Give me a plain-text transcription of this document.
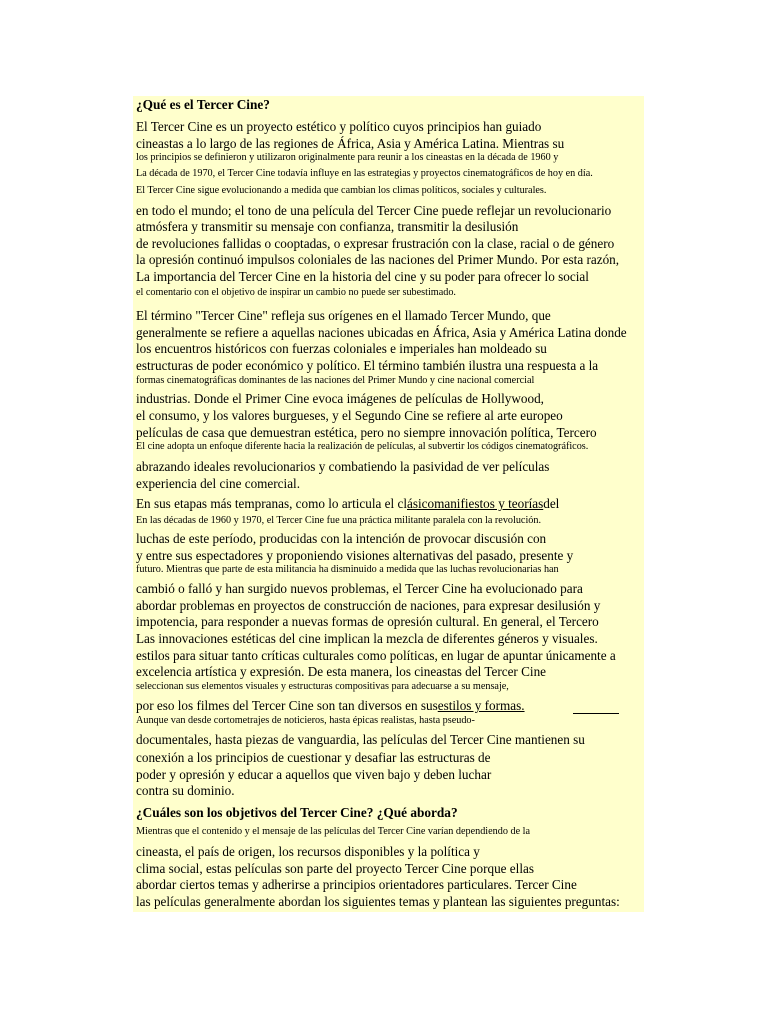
¿Qué es el Tercer Cine?
El Tercer Cine es un proyecto estético y político cuyos principios han guiado
cineastas a lo largo de las regiones de África, Asia y América Latina. Mientras su
los principios se definieron y utilizaron originalmente para reunir a los cineastas en la década de 1960 y
La década de 1970, el Tercer Cine todavía influye en las estrategias y proyectos cinematográficos de hoy en día.
El Tercer Cine sigue evolucionando a medida que cambian los climas políticos, sociales y culturales.
en todo el mundo; el tono de una película del Tercer Cine puede reflejar un revolucionario
atmósfera y transmitir su mensaje con confianza, transmitir la desilusión
de revoluciones fallidas o cooptadas, o expresar frustración con la clase, racial o de género
la opresión continuó impulsos coloniales de las naciones del Primer Mundo. Por esta razón,
La importancia del Tercer Cine en la historia del cine y su poder para ofrecer lo social
el comentario con el objetivo de inspirar un cambio no puede ser subestimado.
El término "Tercer Cine" refleja sus orígenes en el llamado Tercer Mundo, que
generalmente se refiere a aquellas naciones ubicadas en África, Asia y América Latina donde
los encuentros históricos con fuerzas coloniales e imperiales han moldeado su
estructuras de poder económico y político. El término también ilustra una respuesta a la
formas cinematográficas dominantes de las naciones del Primer Mundo y cine nacional comercial
industrias. Donde el Primer Cine evoca imágenes de películas de Hollywood,
el consumo, y los valores burgueses, y el Segundo Cine se refiere al arte europeo
películas de casa que demuestran estética, pero no siempre innovación política, Tercero
El cine adopta un enfoque diferente hacia la realización de películas, al subvertir los códigos cinematográficos.
abrazando ideales revolucionarios y combatiendo la pasividad de ver películas
experiencia del cine comercial.
En sus etapas más tempranas, como lo articula el clásicomanifiestos y teoríasdel
En las décadas de 1960 y 1970, el Tercer Cine fue una práctica militante paralela con la revolución.
luchas de este período, producidas con la intención de provocar discusión con
y entre sus espectadores y proponiendo visiones alternativas del pasado, presente y
futuro. Mientras que parte de esta militancia ha disminuido a medida que las luchas revolucionarias han
cambió o falló y han surgido nuevos problemas, el Tercer Cine ha evolucionado para
abordar problemas en proyectos de construcción de naciones, para expresar desilusión y
impotencia, para responder a nuevas formas de opresión cultural. En general, el Tercero
Las innovaciones estéticas del cine implican la mezcla de diferentes géneros y visuales.
estilos para situar tanto críticas culturales como políticas, en lugar de apuntar únicamente a
excelencia artística y expresión. De esta manera, los cineastas del Tercer Cine
seleccionan sus elementos visuales y estructuras compositivas para adecuarse a su mensaje,
por eso los filmes del Tercer Cine son tan diversos en susestilos y formas.
Aunque van desde cortometrajes de noticieros, hasta épicas realistas, hasta pseudo-
documentales, hasta piezas de vanguardia, las películas del Tercer Cine mantienen su
conexión a los principios de cuestionar y desafiar las estructuras de
poder y opresión y educar a aquellos que viven bajo y deben luchar
contra su dominio.
¿Cuáles son los objetivos del Tercer Cine? ¿Qué aborda?
Mientras que el contenido y el mensaje de las películas del Tercer Cine varían dependiendo de la
cineasta, el país de origen, los recursos disponibles y la política y
clima social, estas películas son parte del proyecto Tercer Cine porque ellas
abordar ciertos temas y adherirse a principios orientadores particulares. Tercer Cine
las películas generalmente abordan los siguientes temas y plantean las siguientes preguntas:
